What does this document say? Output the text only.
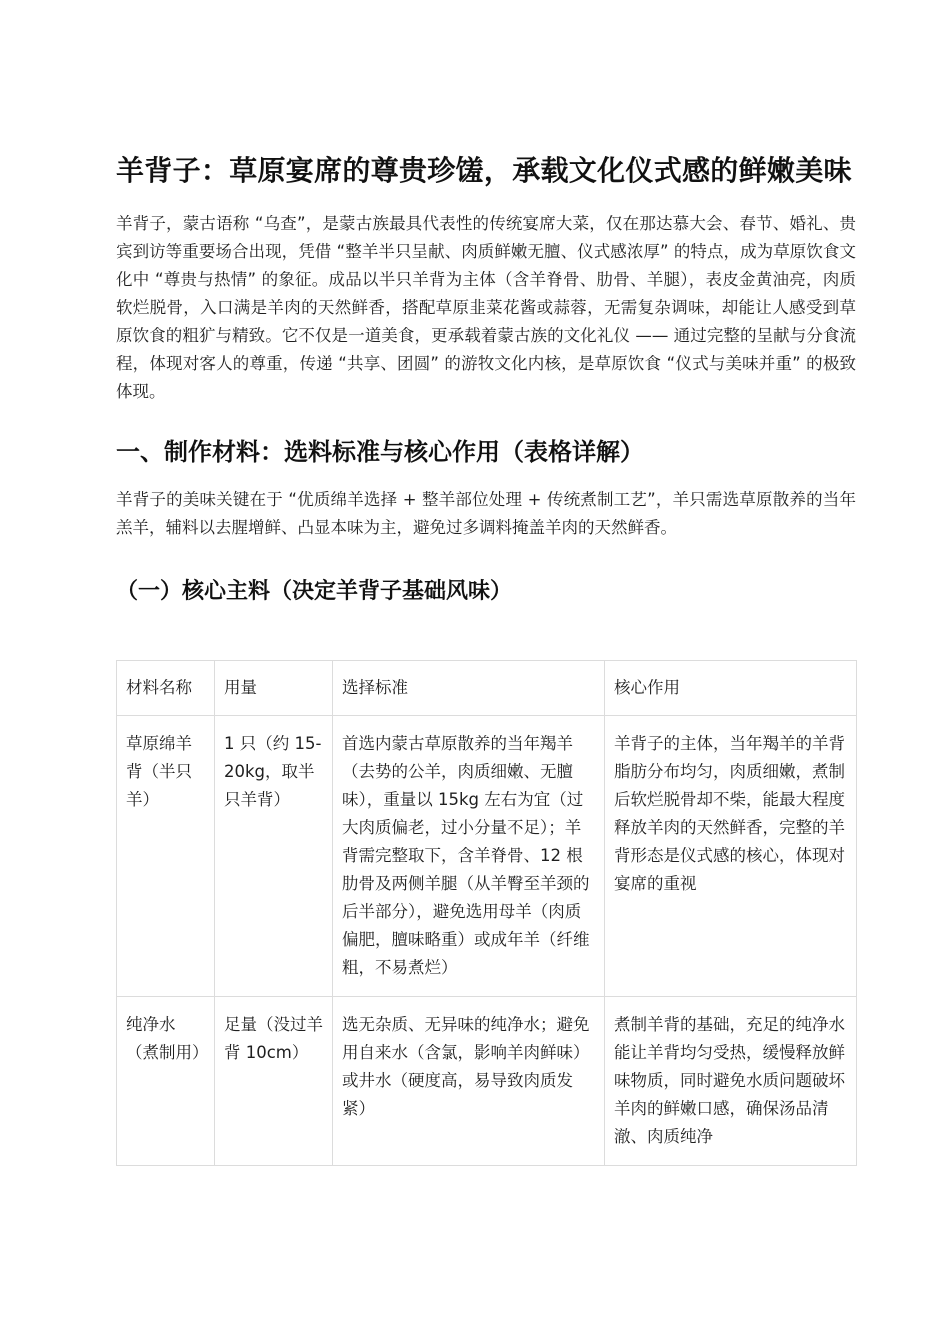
羊背子：草原宴席的尊贵珍馐，承载文化仪式感的鲜嫩美味

羊背子，蒙古语称 “乌查”，是蒙古族最具代表性的传统宴席大菜，仅在那达慕大会、春节、婚礼、贵宾到访等重要场合出现，凭借 “整羊半只呈献、肉质鲜嫩无膻、仪式感浓厚” 的特点，成为草原饮食文化中 “尊贵与热情” 的象征。成品以半只羊背为主体（含羊脊骨、肋骨、羊腿），表皮金黄油亮，肉质软烂脱骨，入口满是羊肉的天然鲜香，搭配草原韭菜花酱或蒜蓉，无需复杂调味，却能让人感受到草原饮食的粗犷与精致。它不仅是一道美食，更承载着蒙古族的文化礼仪 —— 通过完整的呈献与分食流程，体现对客人的尊重，传递 “共享、团圆” 的游牧文化内核，是草原饮食 “仪式与美味并重” 的极致体现。

一、制作材料：选料标准与核心作用（表格详解）

羊背子的美味关键在于 “优质绵羊选择 + 整羊部位处理 + 传统煮制工艺”，羊只需选草原散养的当年羔羊，辅料以去腥增鲜、凸显本味为主，避免过多调料掩盖羊肉的天然鲜香。

（一）核心主料（决定羊背子基础风味）
材料名称	用量	选择标准	核心作用
草原绵羊背（半只羊）	1 只（约 15-20kg，取半只羊背）	首选内蒙古草原散养的当年羯羊（去势的公羊，肉质细嫩、无膻味），重量以 15kg 左右为宜（过大肉质偏老，过小分量不足）；羊背需完整取下，含羊脊骨、12 根肋骨及两侧羊腿（从羊臀至羊颈的后半部分），避免选用母羊（肉质偏肥，膻味略重）或成年羊（纤维粗，不易煮烂）	羊背子的主体，当年羯羊的羊背脂肪分布均匀，肉质细嫩，煮制后软烂脱骨却不柴，能最大程度释放羊肉的天然鲜香，完整的羊背形态是仪式感的核心，体现对宴席的重视
纯净水（煮制用）	足量（没过羊背 10cm）	选无杂质、无异味的纯净水；避免用自来水（含氯，影响羊肉鲜味）或井水（硬度高，易导致肉质发紧）	煮制羊背的基础，充足的纯净水能让羊背均匀受热，缓慢释放鲜味物质，同时避免水质问题破坏羊肉的鲜嫩口感，确保汤品清澈、肉质纯净
